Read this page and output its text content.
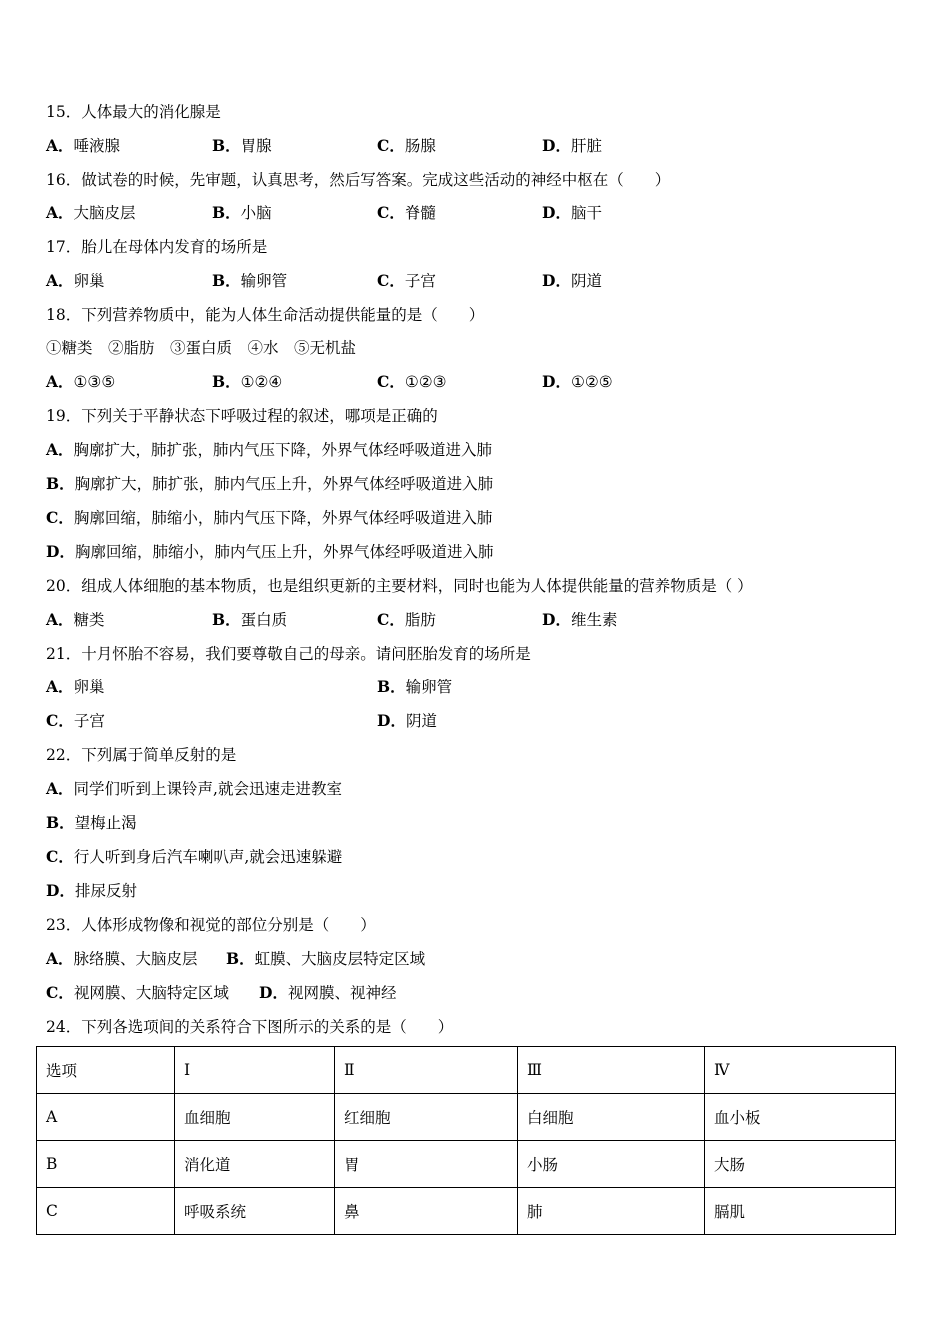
15．人体最大的消化腺是
A．唾液腺	B．胃腺	C．肠腺	D．肝脏
16．做试卷的时候，先审题，认真思考，然后写答案。完成这些活动的神经中枢在（　　）
A．大脑皮层	B．小脑	C．脊髓	D．脑干
17．胎儿在母体内发育的场所是
A．卵巢	B．输卵管	C．子宫	D．阴道
18．下列营养物质中，能为人体生命活动提供能量的是（　　）
①糖类　②脂肪　③蛋白质　④水　⑤无机盐
A．①③⑤	B．①②④	C．①②③	D．①②⑤
19．下列关于平静状态下呼吸过程的叙述，哪项是正确的
A．胸廓扩大，肺扩张，肺内气压下降，外界气体经呼吸道进入肺
B．胸廓扩大，肺扩张，肺内气压上升，外界气体经呼吸道进入肺
C．胸廓回缩，肺缩小，肺内气压下降，外界气体经呼吸道进入肺
D．胸廓回缩，肺缩小，肺内气压上升，外界气体经呼吸道进入肺
20．组成人体细胞的基本物质，也是组织更新的主要材料，同时也能为人体提供能量的营养物质是（ ）
A．糖类	B．蛋白质	C．脂肪	D．维生素
21．十月怀胎不容易，我们要尊敬自己的母亲。请问胚胎发育的场所是
A．卵巢	B．输卵管
C．子宫	D．阴道
22．下列属于简单反射的是
A．同学们听到上课铃声,就会迅速走进教室
B．望梅止渴
C．行人听到身后汽车喇叭声,就会迅速躲避
D．排尿反射
23．人体形成物像和视觉的部位分别是（　　）
A．脉络膜、大脑皮层 B．虹膜、大脑皮层特定区域
C．视网膜、大脑特定区域 D．视网膜、视神经
24．下列各选项间的关系符合下图所示的关系的是（　　）
选项	Ⅰ	Ⅱ	Ⅲ	Ⅳ
A	血细胞	红细胞	白细胞	血小板
B	消化道	胃	小肠	大肠
C	呼吸系统	鼻	肺	膈肌
